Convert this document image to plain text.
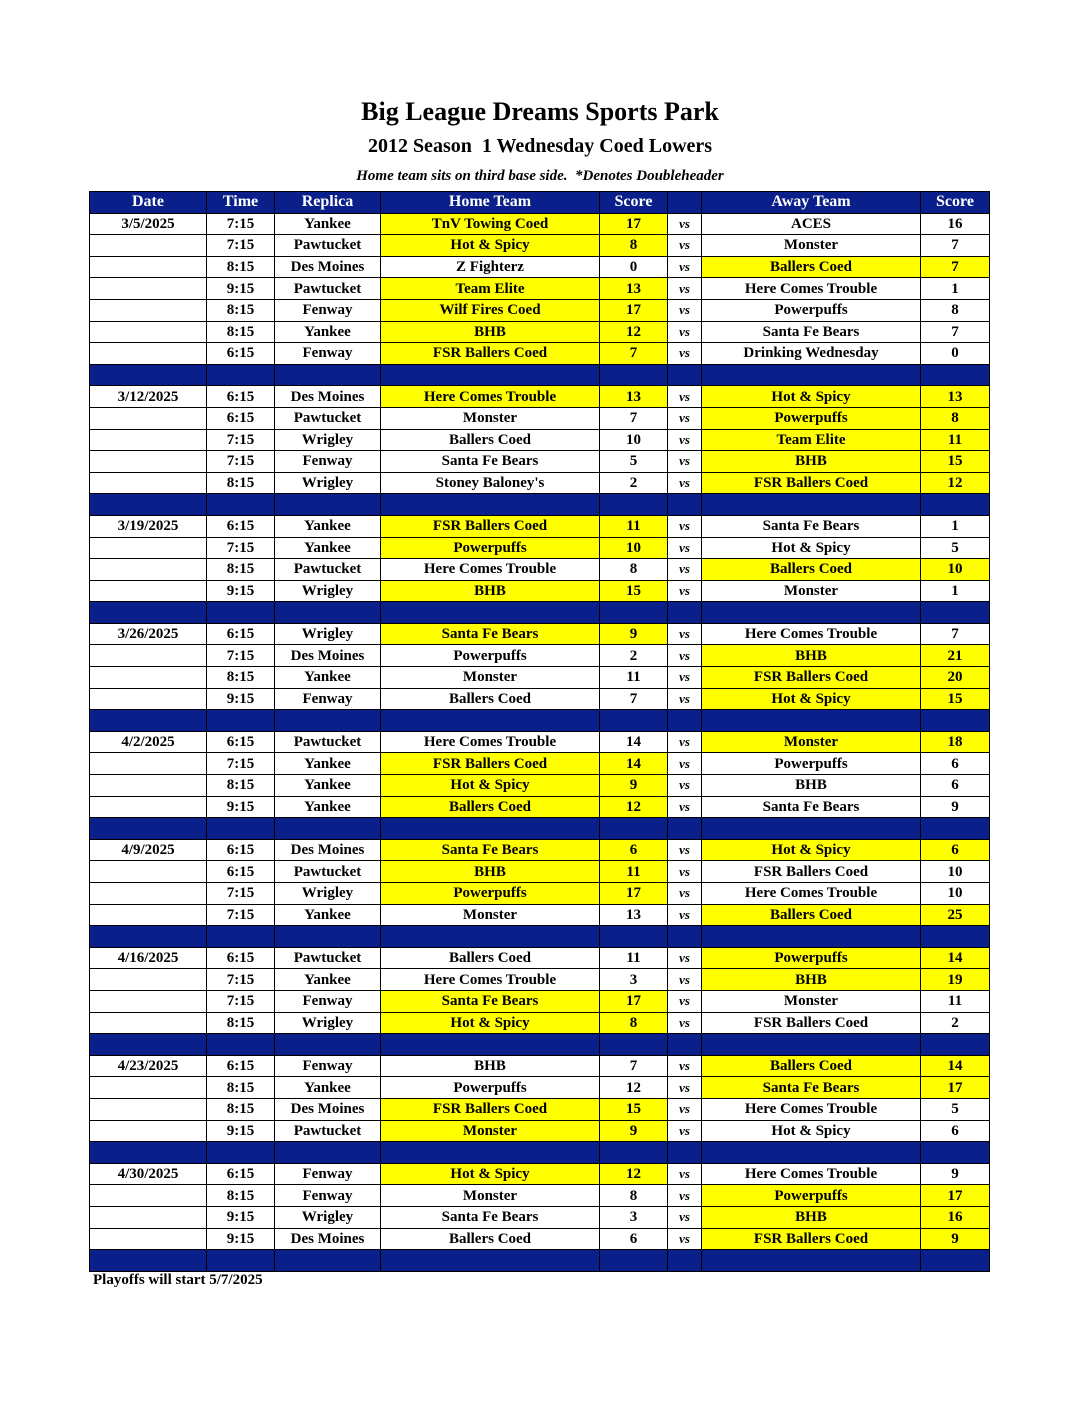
Big League Dreams Sports Park
2012 Season  1 Wednesday Coed Lowers
Home team sits on third base side.  *Denotes Doubleheader
Date	Time	Replica	Home Team	Score		Away Team	Score
3/5/2025	7:15	Yankee	TnV Towing Coed	17	vs	ACES	16
	7:15	Pawtucket	Hot & Spicy	8	vs	Monster	7
	8:15	Des Moines	Z Fighterz	0	vs	Ballers Coed	7
	9:15	Pawtucket	Team Elite	13	vs	Here Comes Trouble	1
	8:15	Fenway	Wilf Fires Coed	17	vs	Powerpuffs	8
	8:15	Yankee	BHB	12	vs	Santa Fe Bears	7
	6:15	Fenway	FSR Ballers Coed	7	vs	Drinking Wednesday	0

3/12/2025	6:15	Des Moines	Here Comes Trouble	13	vs	Hot & Spicy	13
	6:15	Pawtucket	Monster	7	vs	Powerpuffs	8
	7:15	Wrigley	Ballers Coed	10	vs	Team Elite	11
	7:15	Fenway	Santa Fe Bears	5	vs	BHB	15
	8:15	Wrigley	Stoney Baloney's	2	vs	FSR Ballers Coed	12

3/19/2025	6:15	Yankee	FSR Ballers Coed	11	vs	Santa Fe Bears	1
	7:15	Yankee	Powerpuffs	10	vs	Hot & Spicy	5
	8:15	Pawtucket	Here Comes Trouble	8	vs	Ballers Coed	10
	9:15	Wrigley	BHB	15	vs	Monster	1

3/26/2025	6:15	Wrigley	Santa Fe Bears	9	vs	Here Comes Trouble	7
	7:15	Des Moines	Powerpuffs	2	vs	BHB	21
	8:15	Yankee	Monster	11	vs	FSR Ballers Coed	20
	9:15	Fenway	Ballers Coed	7	vs	Hot & Spicy	15

4/2/2025	6:15	Pawtucket	Here Comes Trouble	14	vs	Monster	18
	7:15	Yankee	FSR Ballers Coed	14	vs	Powerpuffs	6
	8:15	Yankee	Hot & Spicy	9	vs	BHB	6
	9:15	Yankee	Ballers Coed	12	vs	Santa Fe Bears	9

4/9/2025	6:15	Des Moines	Santa Fe Bears	6	vs	Hot & Spicy	6
	6:15	Pawtucket	BHB	11	vs	FSR Ballers Coed	10
	7:15	Wrigley	Powerpuffs	17	vs	Here Comes Trouble	10
	7:15	Yankee	Monster	13	vs	Ballers Coed	25

4/16/2025	6:15	Pawtucket	Ballers Coed	11	vs	Powerpuffs	14
	7:15	Yankee	Here Comes Trouble	3	vs	BHB	19
	7:15	Fenway	Santa Fe Bears	17	vs	Monster	11
	8:15	Wrigley	Hot & Spicy	8	vs	FSR Ballers Coed	2

4/23/2025	6:15	Fenway	BHB	7	vs	Ballers Coed	14
	8:15	Yankee	Powerpuffs	12	vs	Santa Fe Bears	17
	8:15	Des Moines	FSR Ballers Coed	15	vs	Here Comes Trouble	5
	9:15	Pawtucket	Monster	9	vs	Hot & Spicy	6

4/30/2025	6:15	Fenway	Hot & Spicy	12	vs	Here Comes Trouble	9
	8:15	Fenway	Monster	8	vs	Powerpuffs	17
	9:15	Wrigley	Santa Fe Bears	3	vs	BHB	16
	9:15	Des Moines	Ballers Coed	6	vs	FSR Ballers Coed	9

Playoffs will start 5/7/2025
